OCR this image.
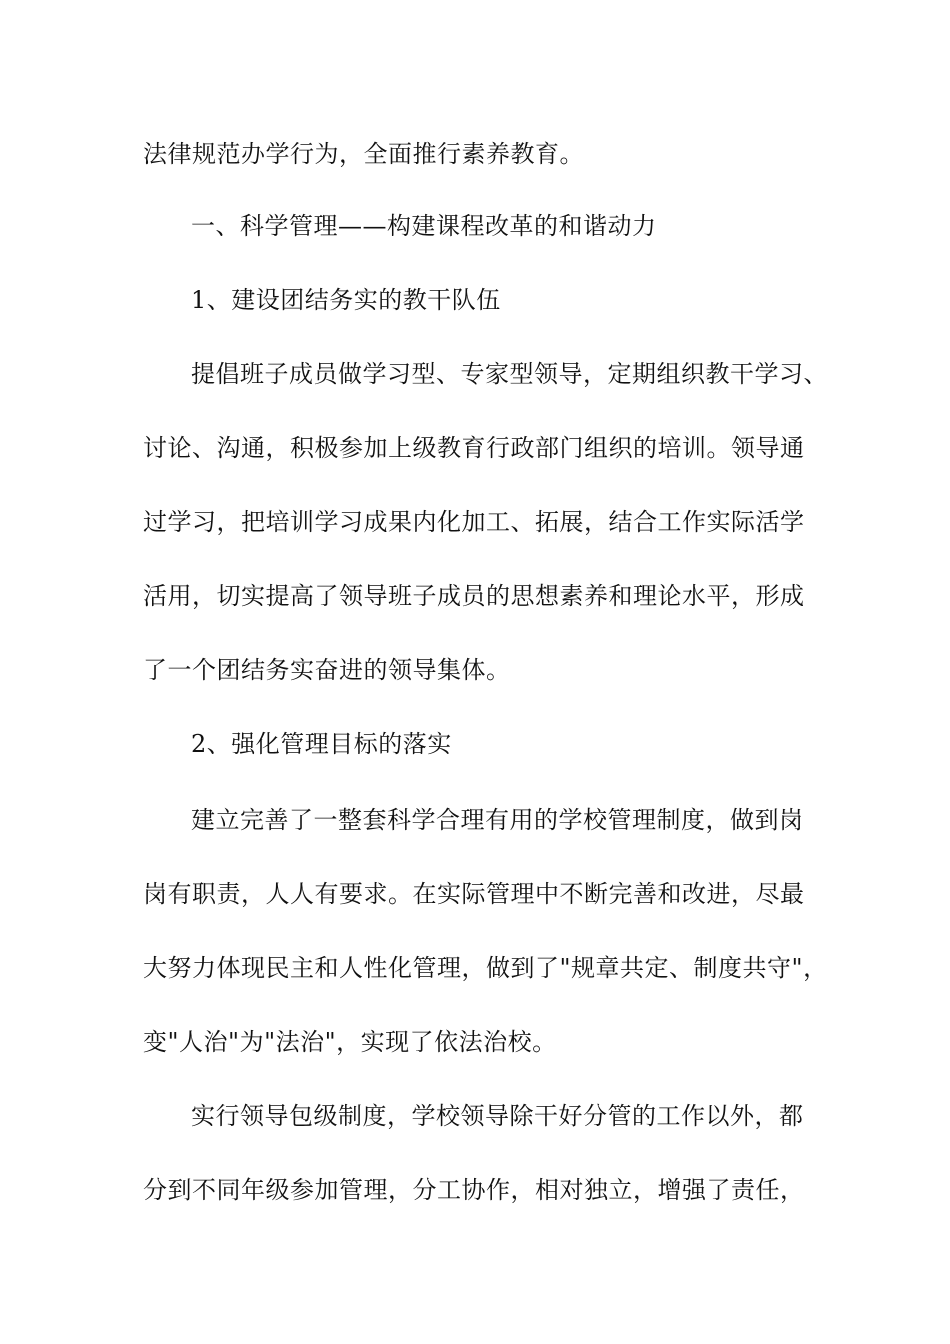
法律规范办学行为，全面推行素养教育。
一、科学管理——构建课程改革的和谐动力
1、建设团结务实的教干队伍
提倡班子成员做学习型、专家型领导，定期组织教干学习、
讨论、沟通，积极参加上级教育行政部门组织的培训。领导通
过学习，把培训学习成果内化加工、拓展，结合工作实际活学
活用，切实提高了领导班子成员的思想素养和理论水平，形成
了一个团结务实奋进的领导集体。
2、强化管理目标的落实
建立完善了一整套科学合理有用的学校管理制度，做到岗
岗有职责，人人有要求。在实际管理中不断完善和改进，尽最
大努力体现民主和人性化管理，做到了"规章共定、制度共守"，
变"人治"为"法治"，实现了依法治校。
实行领导包级制度，学校领导除干好分管的工作以外，都
分到不同年级参加管理，分工协作，相对独立，增强了责任，
